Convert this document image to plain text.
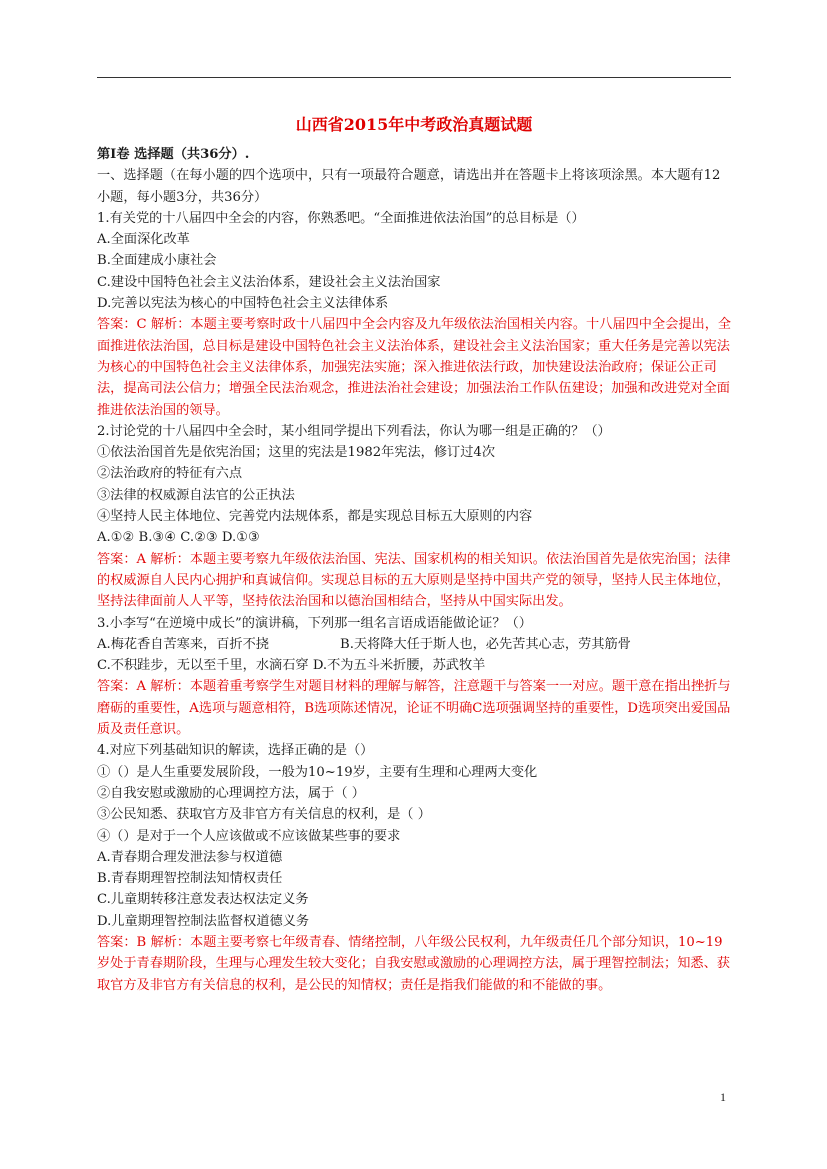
山西省2015年中考政治真题试题

第Ⅰ卷 选择题（共36分）.

一、选择题（在每小题的四个选项中，只有一项最符合题意，请选出并在答题卡上将该项涂黑。本大题有12小题，每小题3分，共36分）

1.有关党的十八届四中全会的内容，你熟悉吧。“全面推进依法治国”的总目标是（）

A.全面深化改革

B.全面建成小康社会

C.建设中国特色社会主义法治体系，建设社会主义法治国家

D.完善以宪法为核心的中国特色社会主义法律体系

答案：C 解析：本题主要考察时政十八届四中全会内容及九年级依法治国相关内容。十八届四中全会提出，全面推进依法治国，总目标是建设中国特色社会主义法治体系，建设社会主义法治国家；重大任务是完善以宪法为核心的中国特色社会主义法律体系，加强宪法实施；深入推进依法行政，加快建设法治政府；保证公正司法，提高司法公信力；增强全民法治观念，推进法治社会建设；加强法治工作队伍建设；加强和改进党对全面推进依法治国的领导。

2.讨论党的十八届四中全会时，某小组同学提出下列看法，你认为哪一组是正确的？（）

①依法治国首先是依宪治国；这里的宪法是1982年宪法，修订过4次

②法治政府的特征有六点

③法律的权威源自法官的公正执法

④坚持人民主体地位、完善党内法规体系，都是实现总目标五大原则的内容

A.①② B.③④ C.②③ D.①③

答案：A 解析：本题主要考察九年级依法治国、宪法、国家机构的相关知识。依法治国首先是依宪治国；法律的权威源自人民内心拥护和真诚信仰。实现总目标的五大原则是坚持中国共产党的领导，坚持人民主体地位，坚持法律面前人人平等，坚持依法治国和以德治国相结合，坚持从中国实际出发。

3.小李写“在逆境中成长”的演讲稿，下列那一组名言语成语能做论证？（）

A.梅花香自苦寒来，百折不挠	B.天将降大任于斯人也，必先苦其心志，劳其筋骨

C.不积跬步，无以至千里，水滴石穿 D.不为五斗米折腰，苏武牧羊

答案：A 解析：本题着重考察学生对题目材料的理解与解答，注意题干与答案一一对应。题干意在指出挫折与磨砺的重要性，A选项与题意相符，B选项陈述情况，论证不明确C选项强调坚持的重要性，D选项突出爱国品质及责任意识。

4.对应下列基础知识的解读，选择正确的是（）

①（）是人生重要发展阶段，一般为10~19岁，主要有生理和心理两大变化

②自我安慰或激励的心理调控方法，属于（ ）

③公民知悉、获取官方及非官方有关信息的权利，是（ ）

④（）是对于一个人应该做或不应该做某些事的要求

A.青春期合理发泄法参与权道德

B.青春期理智控制法知情权责任

C.儿童期转移注意发表达权法定义务

D.儿童期理智控制法监督权道德义务

答案：B 解析：本题主要考察七年级青春、情绪控制，八年级公民权利，九年级责任几个部分知识，10~19 岁处于青春期阶段，生理与心理发生较大变化；自我安慰或激励的心理调控方法，属于理智控制法；知悉、获取官方及非官方有关信息的权利，是公民的知情权；责任是指我们能做的和不能做的事。

1
